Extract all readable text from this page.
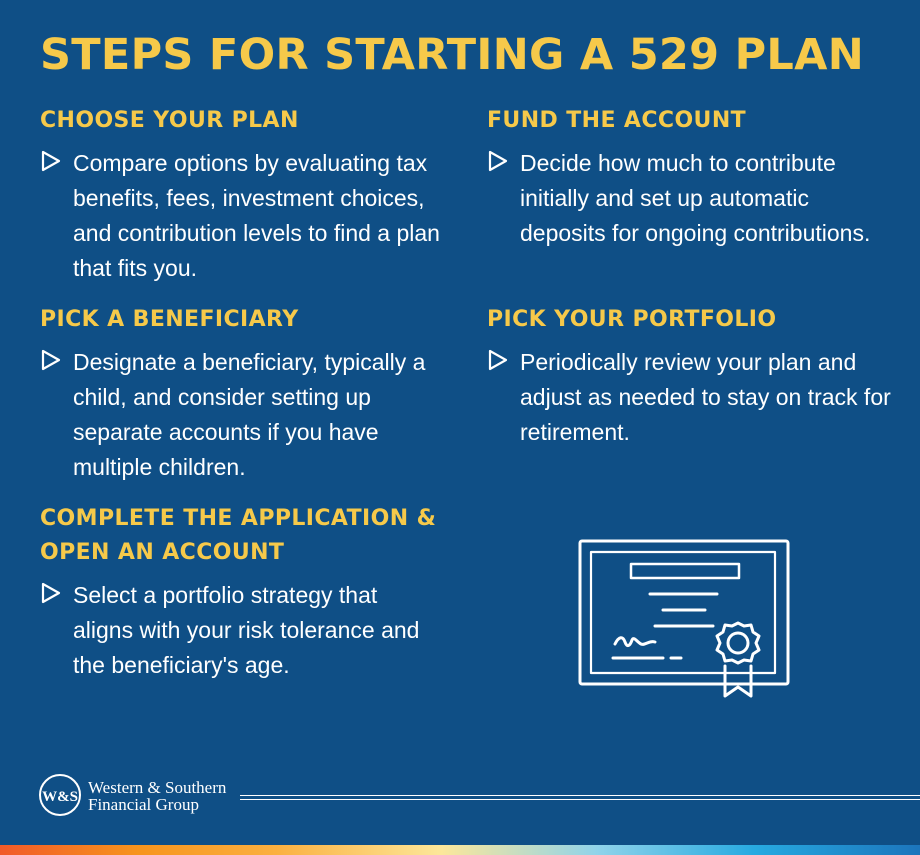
STEPS FOR STARTING A 529 PLAN
CHOOSE YOUR PLAN

Compare options by evaluating tax benefits, fees, investment choices, and contribution levels to find a plan that fits you.

FUND THE ACCOUNT

Decide how much to contribute initially and set up automatic deposits for ongoing contributions.

PICK A BENEFICIARY

Designate a beneficiary, typically a child, and consider setting up separate accounts if you have multiple children.

PICK YOUR PORTFOLIO

Periodically review your plan and adjust as needed to stay on track for retirement.

COMPLETE THE APPLICATION & OPEN AN ACCOUNT

Select a portfolio strategy that aligns with your risk tolerance and the beneficiary's age.

W&S Western & Southern
Financial Group
